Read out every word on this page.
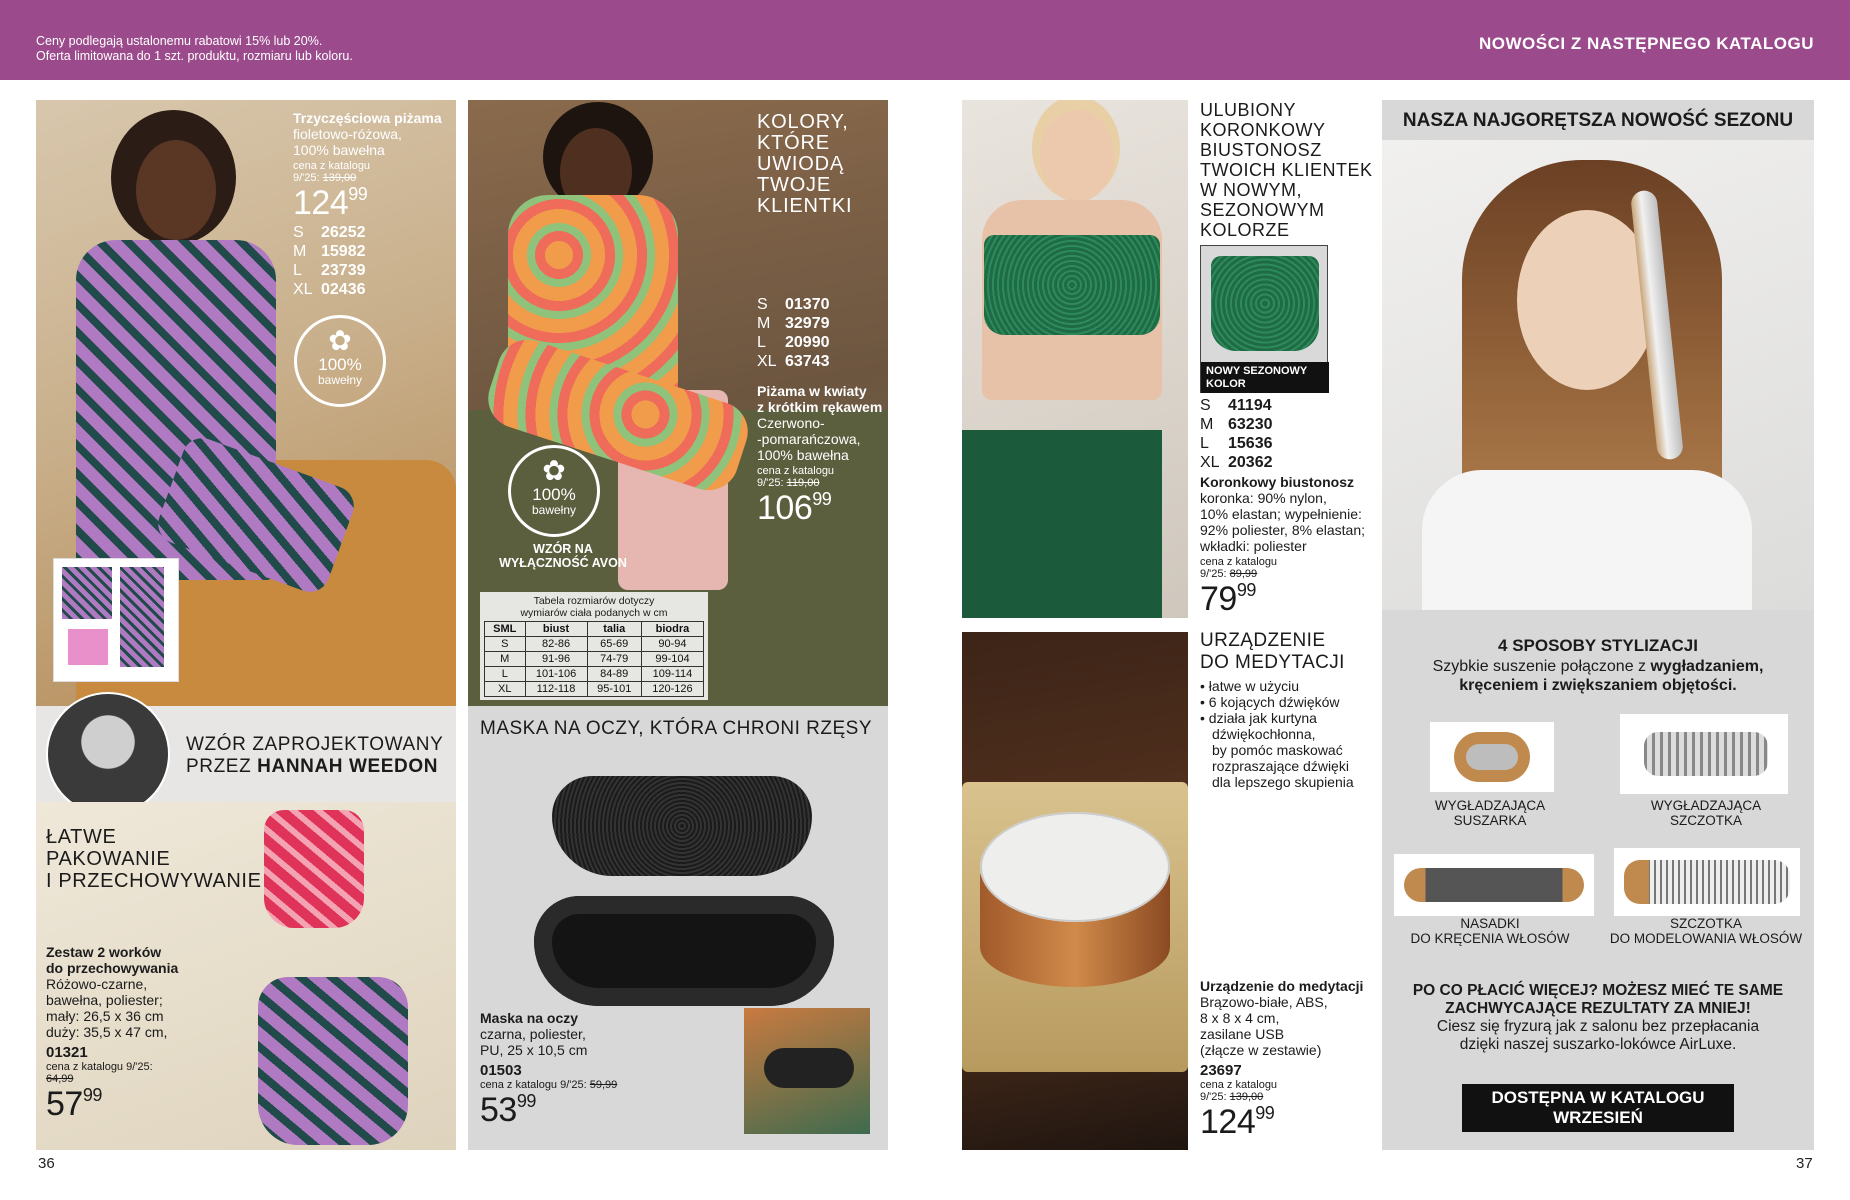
Ceny podlegają ustalonemu rabatowi 15% lub 20%.
Oferta limitowana do 1 szt. produktu, rozmiaru lub koloru.
NOWOŚCI Z NASTĘPNEGO KATALOGU
✿
100%
bawełny
Trzyczęściowa piżama
fioletowo-różowa,
100% bawełna
cena z katalogu
9/'25: 139,00
$124^{99}$
S 26252
M 15982
L 23739
XL 02436
✿
100%
bawełny
WZÓR NA
WYŁĄCZNOŚĆ AVON
Tabela rozmiarów dotyczy
wymiarów ciała podanych w cm
SML	biust	talia	biodra
S	82-86	65-69	90-94
M	91-96	74-79	99-104
L	101-106	84-89	109-114
XL	112-118	95-101	120-126
KOLORY,
KTÓRE
UWIODĄ
TWOJE
KLIENTKI
S 01370
M 32979
L 20990
XL 63743
Piżama w kwiaty
z krótkim rękawem
Czerwono-
-pomarańczowa,
100% bawełna
cena z katalogu
9/'25: 119,00
$106^{99}$
WZÓR ZAPROJEKTOWANY
PRZEZ HANNAH WEEDON
ŁATWE
PAKOWANIE
I PRZECHOWYWANIE
Zestaw 2 worków
do przechowywania
Różowo-czarne,
bawełna, poliester;
mały: 26,5 x 36 cm
duży: 35,5 x 47 cm,
01321
cena z katalogu 9/'25:
64,99
$57^{99}$
MASKA NA OCZY, KTÓRA CHRONI RZĘSY
Maska na oczy
czarna, poliester,
PU, 25 x 10,5 cm
01503
cena z katalogu 9/'25: 59,99
$53^{99}$
36
ULUBIONY
KORONKOWY
BIUSTONOSZ
TWOICH KLIENTEK
W NOWYM,
SEZONOWYM
KOLORZE
NOWY SEZONOWY
KOLOR
S 41194
M 63230
L 15636
XL 20362
Koronkowy biustonosz
koronka: 90% nylon,
10% elastan; wypełnienie:
92% poliester, 8% elastan;
wkładki: poliester
cena z katalogu
9/'25: 89,99
$79^{99}$
URZĄDZENIE
DO MEDYTACJI
• łatwe w użyciu
• 6 kojących dźwięków
• działa jak kurtyna
dźwiękochłonna,
by pomóc maskować
rozpraszające dźwięki
dla lepszego skupienia
Urządzenie do medytacji
Brązowo-białe, ABS,
8 x 8 x 4 cm,
zasilane USB
(złącze w zestawie)
23697
cena z katalogu
9/'25: 139,00
$124^{99}$
NASZA NAJGORĘTSZA NOWOŚĆ SEZONU
4 SPOSOBY STYLIZACJI
Szybkie suszenie połączone z wygładzaniem,
kręceniem i zwiększaniem objętości.
WYGŁADZAJĄCA
SUSZARKA
WYGŁADZAJĄCA
SZCZOTKA
NASADKI
DO KRĘCENIA WŁOSÓW
SZCZOTKA
DO MODELOWANIA WŁOSÓW
PO CO PŁACIĆ WIĘCEJ? MOŻESZ MIEĆ TE SAME
ZACHWYCAJĄCE REZULTATY ZA MNIEJ!
Ciesz się fryzurą jak z salonu bez przepłacania
dzięki naszej suszarko-lokówce AirLuxe.
DOSTĘPNA W KATALOGU
WRZESIEŃ
37
